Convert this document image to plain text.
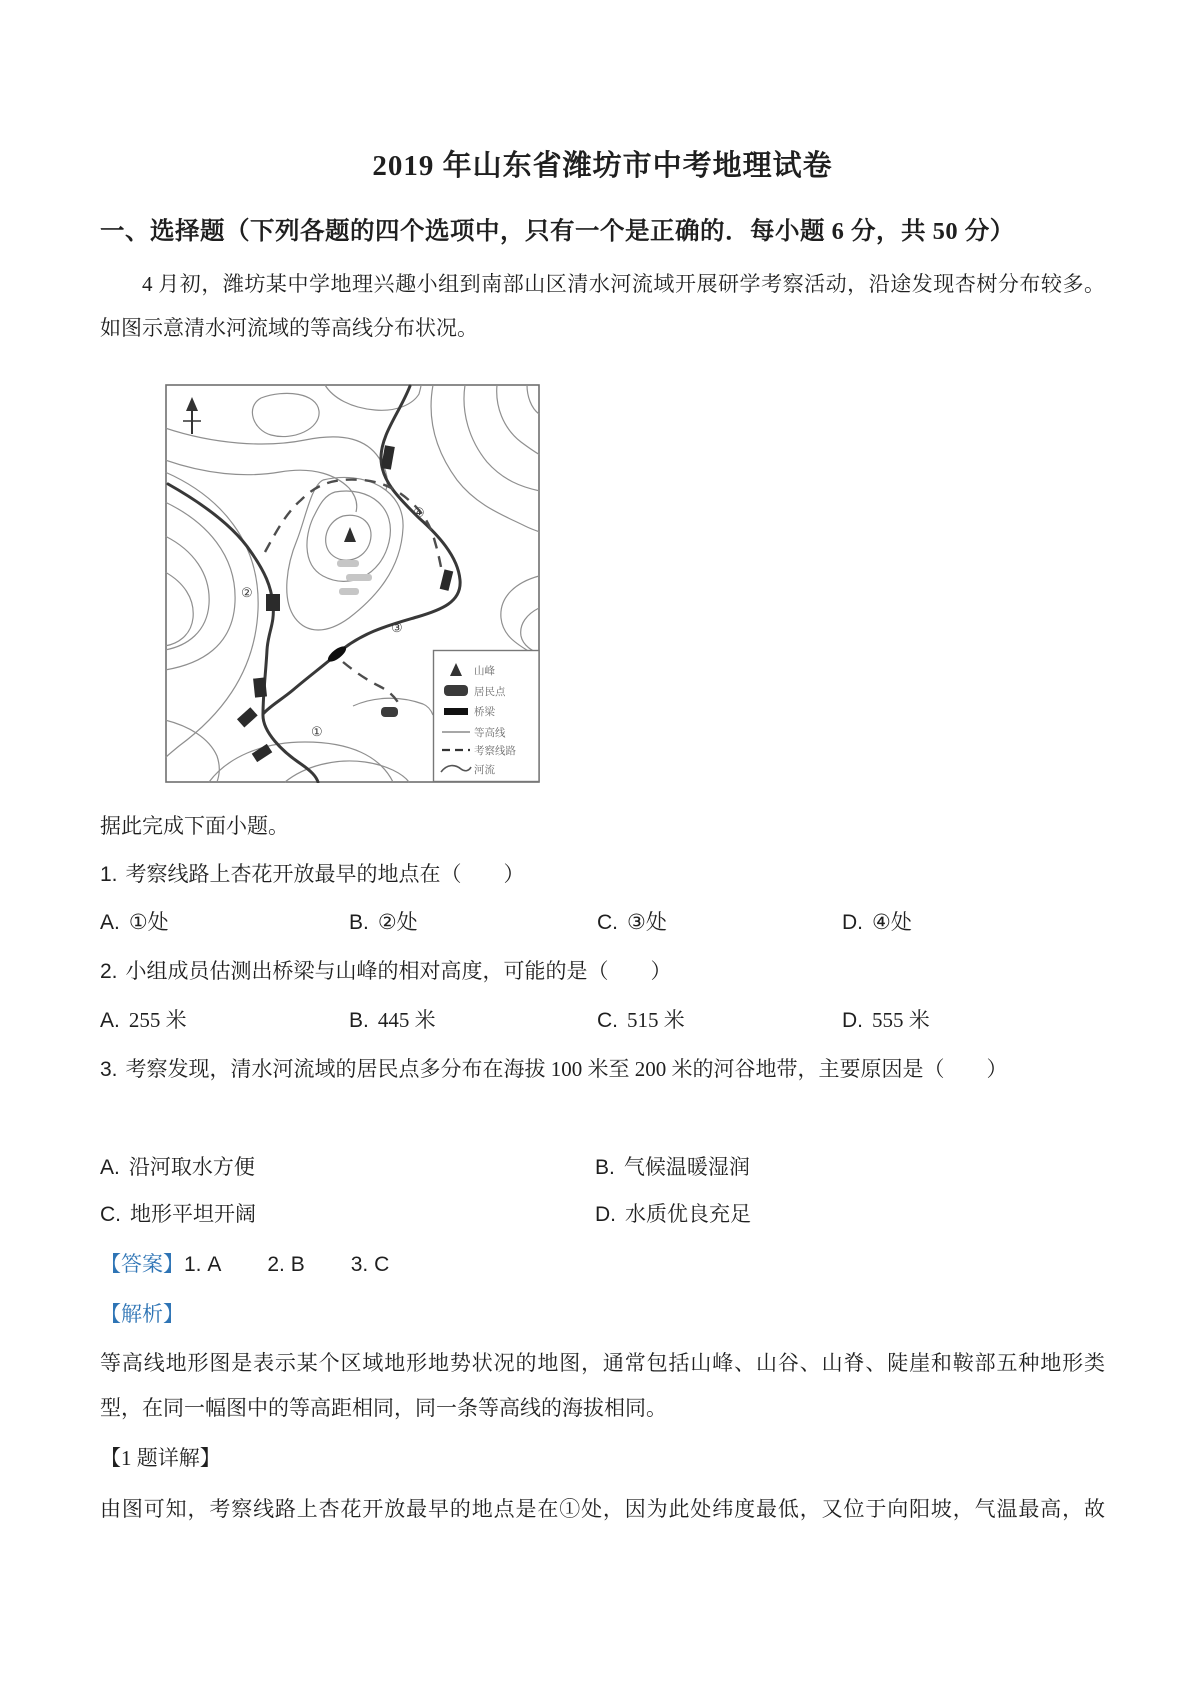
2019 年山东省潍坊市中考地理试卷
一、选择题（下列各题的四个选项中，只有一个是正确的．每小题 6 分，共 50 分）
4 月初，潍坊某中学地理兴趣小组到南部山区清水河流域开展研学考察活动，沿途发现杏树分布较多。
如图示意清水河流域的等高线分布状况。
①
②
③
④
山峰
居民点
桥梁
等高线
考察线路
河流
据此完成下面小题。
1. 考察线路上杏花开放最早的地点在（　　）
A. ①处	B. ②处	C. ③处	D. ④处
2. 小组成员估测出桥梁与山峰的相对高度，可能的是（　　）
A. 255 米	B. 445 米	C. 515 米	D. 555 米
3. 考察发现，清水河流域的居民点多分布在海拔 100 米至 200 米的河谷地带，主要原因是（　　）
A. 沿河取水方便	B. 气候温暖湿润
C. 地形平坦开阔	D. 水质优良充足
【答案】1. A 2. B 3. C
【解析】
等高线地形图是表示某个区域地形地势状况的地图，通常包括山峰、山谷、山脊、陡崖和鞍部五种地形类
型，在同一幅图中的等高距相同，同一条等高线的海拔相同。
【1 题详解】
由图可知，考察线路上杏花开放最早的地点是在①处，因为此处纬度最低，又位于向阳坡，气温最高，故
